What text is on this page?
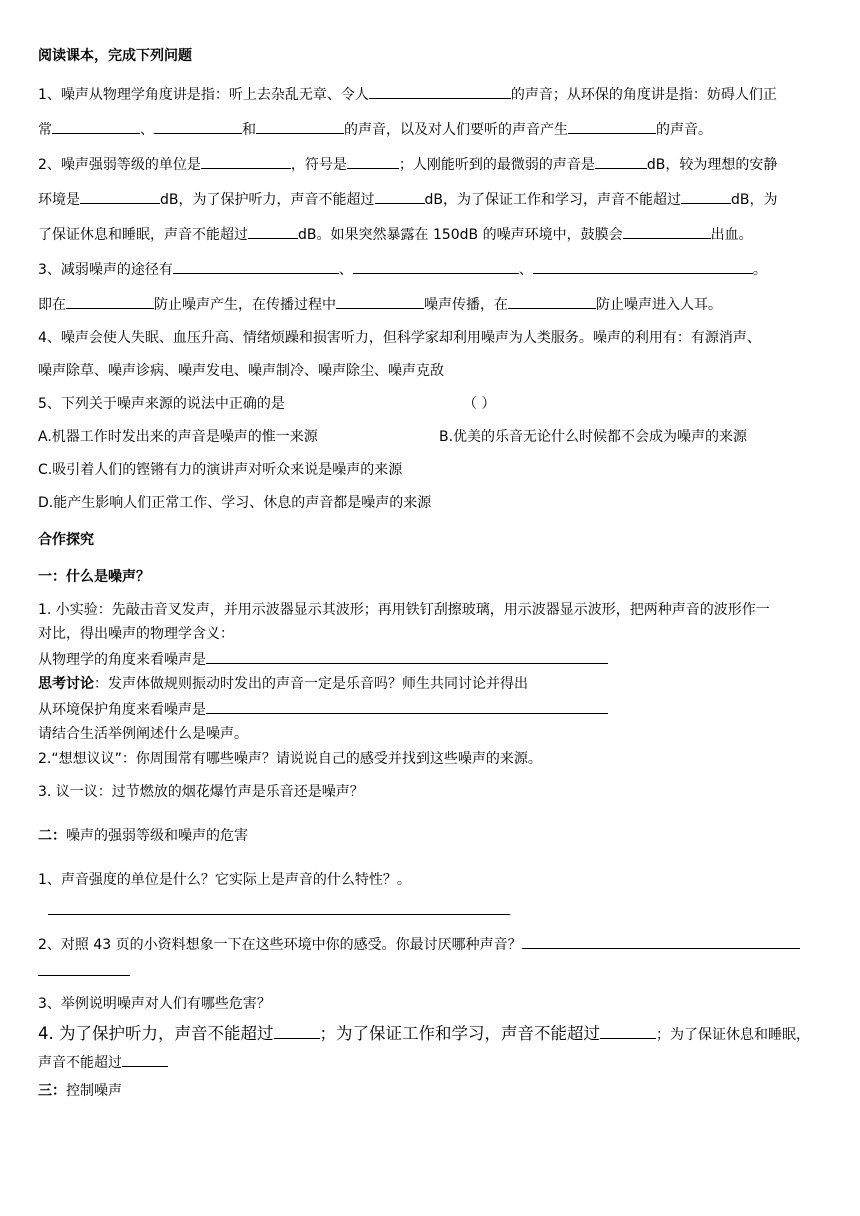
阅读课本，完成下列问题
1、噪声从物理学角度讲是指：听上去杂乱无章、令人	的声音；从环保的角度讲是指：妨碍人们正
常	、	和	的声音，以及对人们要听的声音产生	的声音。
2、噪声强弱等级的单位是	，符号是	；人刚能听到的最微弱的声音是	dB，较为理想的安静
环境是	dB，为了保护听力，声音不能超过	dB，为了保证工作和学习，声音不能超过	dB，为
了保证休息和睡眠，声音不能超过	dB。如果突然暴露在 150dB 的噪声环境中，鼓膜会	出血。
3、减弱噪声的途径有	、	、	。
即在	防止噪声产生，在传播过程中	噪声传播，在	防止噪声进入人耳。
4、噪声会使人失眠、血压升高、情绪烦躁和损害听力，但科学家却利用噪声为人类服务。噪声的利用有：有源消声、
噪声除草、噪声诊病、噪声发电、噪声制冷、噪声除尘、噪声克敌
5、下列关于噪声来源的说法中正确的是	（ ）
A.机器工作时发出来的声音是噪声的惟一来源	B.优美的乐音无论什么时候都不会成为噪声的来源
C.吸引着人们的铿锵有力的演讲声对听众来说是噪声的来源
D.能产生影响人们正常工作、学习、休息的声音都是噪声的来源
合作探究
一：什么是噪声？
1. 小实验：先敲击音叉发声，并用示波器显示其波形；再用铁钉刮擦玻璃，用示波器显示波形，把两种声音的波形作一
对比，得出噪声的物理学含义：
从物理学的角度来看噪声是
思考讨论：发声体做规则振动时发出的声音一定是乐音吗？师生共同讨论并得出
从环境保护角度来看噪声是
请结合生活举例阐述什么是噪声。
2.“想想议议”：你周围常有哪些噪声？请说说自己的感受并找到这些噪声的来源。
3. 议一议：过节燃放的烟花爆竹声是乐音还是噪声？
二：噪声的强弱等级和噪声的危害
1、声音强度的单位是什么？它实际上是声音的什么特性？。
2、对照 43 页的小资料想象一下在这些环境中你的感受。你最讨厌哪种声音？
3、举例说明噪声对人们有哪些危害？
4. 为了保护听力，声音不能超过	；为了保证工作和学习，声音不能超过	；为了保证休息和睡眠，
声音不能超过
三：控制噪声
